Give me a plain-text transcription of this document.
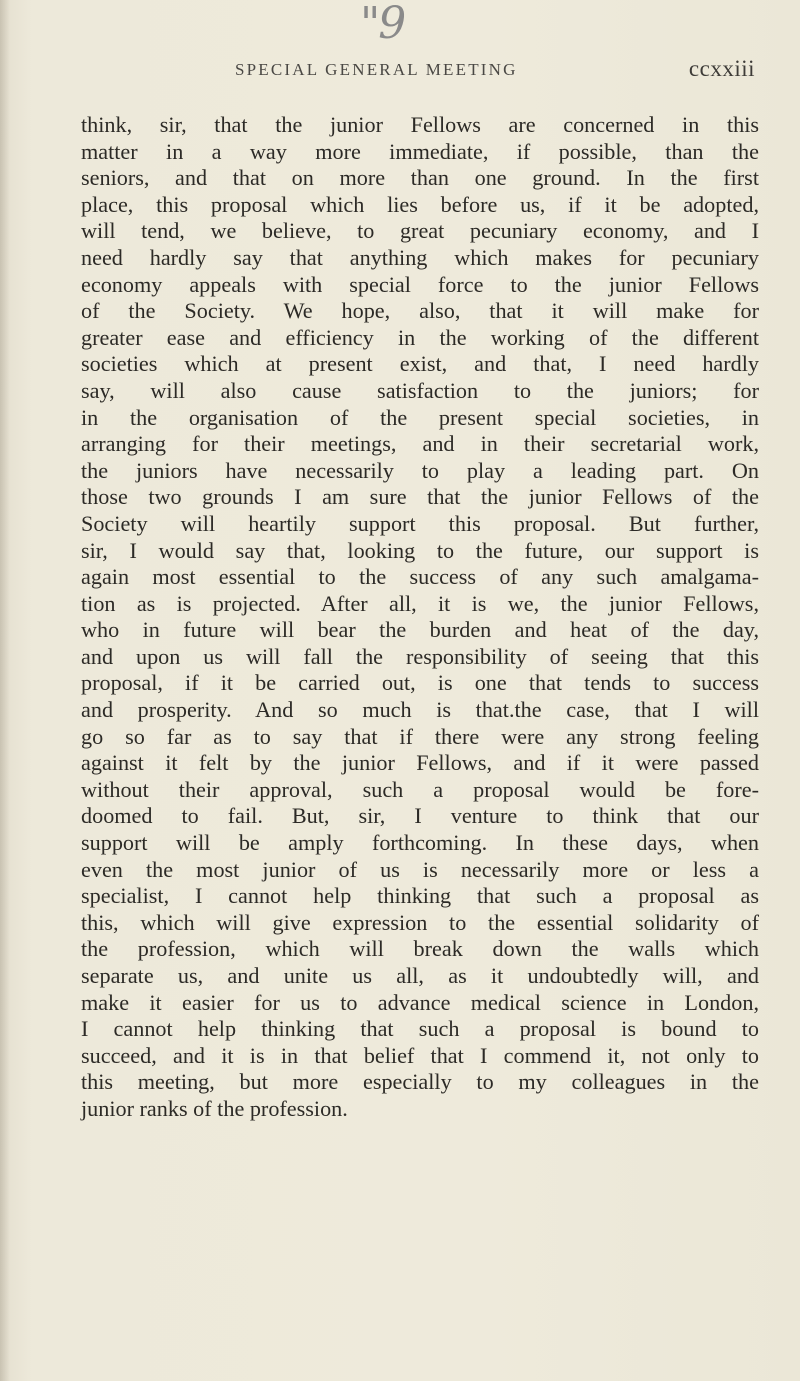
"9
SPECIAL GENERAL MEETING	ccxxiii
think, sir, that the junior Fellows are concerned in this
matter in a way more immediate, if possible, than the
seniors, and that on more than one ground. In the first
place, this proposal which lies before us, if it be adopted,
will tend, we believe, to great pecuniary economy, and I
need hardly say that anything which makes for pecuniary
economy appeals with special force to the junior Fellows
of the Society. We hope, also, that it will make for
greater ease and efficiency in the working of the different
societies which at present exist, and that, I need hardly
say, will also cause satisfaction to the juniors; for
in the organisation of the present special societies, in
arranging for their meetings, and in their secretarial work,
the juniors have necessarily to play a leading part. On
those two grounds I am sure that the junior Fellows of the
Society will heartily support this proposal. But further,
sir, I would say that, looking to the future, our support is
again most essential to the success of any such amalgama-
tion as is projected. After all, it is we, the junior Fellows,
who in future will bear the burden and heat of the day,
and upon us will fall the responsibility of seeing that this
proposal, if it be carried out, is one that tends to success
and prosperity. And so much is that.the case, that I will
go so far as to say that if there were any strong feeling
against it felt by the junior Fellows, and if it were passed
without their approval, such a proposal would be fore-
doomed to fail. But, sir, I venture to think that our
support will be amply forthcoming. In these days, when
even the most junior of us is necessarily more or less a
specialist, I cannot help thinking that such a proposal as
this, which will give expression to the essential solidarity of
the profession, which will break down the walls which
separate us, and unite us all, as it undoubtedly will, and
make it easier for us to advance medical science in London,
I cannot help thinking that such a proposal is bound to
succeed, and it is in that belief that I commend it, not only to
this meeting, but more especially to my colleagues in the
junior ranks of the profession.
